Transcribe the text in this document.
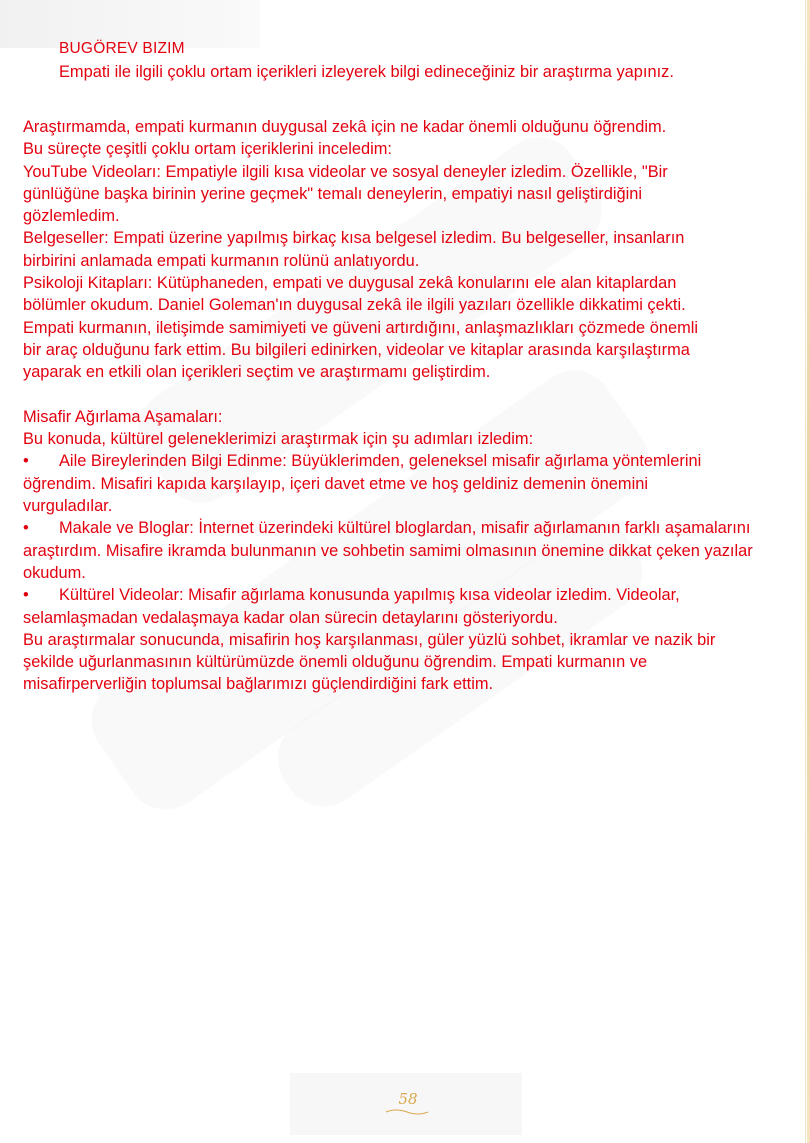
BUGÖREV BIZIM
Empati ile ilgili çoklu ortam içerikleri izleyerek bilgi edineceğiniz bir araştırma yapınız.

Araştırmamda, empati kurmanın duygusal zekâ için ne kadar önemli olduğunu öğrendim.

Bu süreçte çeşitli çoklu ortam içeriklerini inceledim:

YouTube Videoları: Empatiyle ilgili kısa videolar ve sosyal deneyler izledim. Özellikle, "Bir

günlüğüne başka birinin yerine geçmek" temalı deneylerin, empatiyi nasıl geliştirdiğini

gözlemledim.

Belgeseller: Empati üzerine yapılmış birkaç kısa belgesel izledim. Bu belgeseller, insanların

birbirini anlamada empati kurmanın rolünü anlatıyordu.

Psikoloji Kitapları: Kütüphaneden, empati ve duygusal zekâ konularını ele alan kitaplardan

bölümler okudum. Daniel Goleman'ın duygusal zekâ ile ilgili yazıları özellikle dikkatimi çekti.

Empati kurmanın, iletişimde samimiyeti ve güveni artırdığını, anlaşmazlıkları çözmede önemli

bir araç olduğunu fark ettim. Bu bilgileri edinirken, videolar ve kitaplar arasında karşılaştırma

yaparak en etkili olan içerikleri seçtim ve araştırmamı geliştirdim.

Misafir Ağırlama Aşamaları:

Bu konuda, kültürel geleneklerimizi araştırmak için şu adımları izledim:

• Aile Bireylerinden Bilgi Edinme: Büyüklerimden, geleneksel misafir ağırlama yöntemlerini

öğrendim. Misafiri kapıda karşılayıp, içeri davet etme ve hoş geldiniz demenin önemini

vurguladılar.

• Makale ve Bloglar: İnternet üzerindeki kültürel bloglardan, misafir ağırlamanın farklı aşamalarını

araştırdım. Misafire ikramda bulunmanın ve sohbetin samimi olmasının önemine dikkat çeken yazılar

okudum.

• Kültürel Videolar: Misafir ağırlama konusunda yapılmış kısa videolar izledim. Videolar,

selamlaşmadan vedalaşmaya kadar olan sürecin detaylarını gösteriyordu.

Bu araştırmalar sonucunda, misafirin hoş karşılanması, güler yüzlü sohbet, ikramlar ve nazik bir

şekilde uğurlanmasının kültürümüzde önemli olduğunu öğrendim. Empati kurmanın ve

misafirperverliğin toplumsal bağlarımızı güçlendirdiğini fark ettim.

58
